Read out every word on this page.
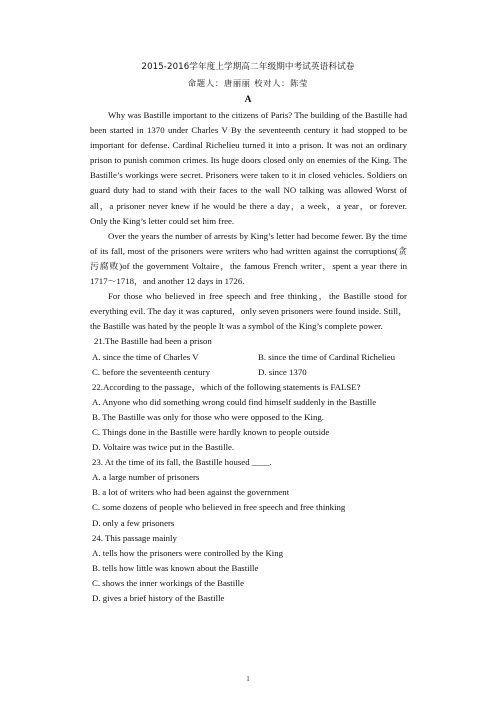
2015-2016学年度上学期高二年级期中考试英语科试卷
命题人：唐丽丽 校对人：陈莹
A

Why was Bastille important to the citizens of Paris? The building of the Bastille had been started in 1370 under Charles V By the seventeenth century it had stopped to be important for defense. Cardinal Richelieu turned it into a prison. It was not an ordinary prison to punish common crimes. Its huge doors closed only on enemies of the King. The Bastille’s workings were secret. Prisoners were taken to it in closed vehicles. Soldiers on guard duty had to stand with their faces to the wall NO talking was allowed Worst of all，a prisoner never knew if he would be there a day，a week，a year，or forever. Only the King’s letter could set him free.

Over the years the number of arrests by King’s letter had become fewer. By the time of its fall, most of the prisoners were writers who had written against the corruptions(贪污腐败)of the government Voltaire，the famous French writer，spent a year there in 1717～1718，and another 12 days in 1726.

For those who believed in free speech and free thinking，the Bastille stood for everything evil. The day it was captured，only seven prisoners were found inside. Still，the Bastille was hated by the people It was a symbol of the King’s complete power.

21.The Bastille had been a prison

A. since the time of Charles V	B. since the time of Cardinal Richelieu
C. before the seventeenth century	D. since 1370

22.According to the passage，which of the following statements is FALSE?

A. Anyone who did something wrong could find himself suddenly in the Bastille

B. The Bastille was only for those who were opposed to the King.

C. Things done in the Bastille were hardly known to people outside

D. Voltaire was twice put in the Bastille.

23. At the time of its fall, the Bastille housed ____.

A. a large number of prisoners

B. a lot of writers who had been against the government

C. some dozens of people who believed in free speech and free thinking

D. only a few prisoners

24. This passage mainly

A. tells how the prisoners were controlled by the King

B. tells how little was known about the Bastille

C. shows the inner workings of the Bastille

D. gives a brief history of the Bastille

1
